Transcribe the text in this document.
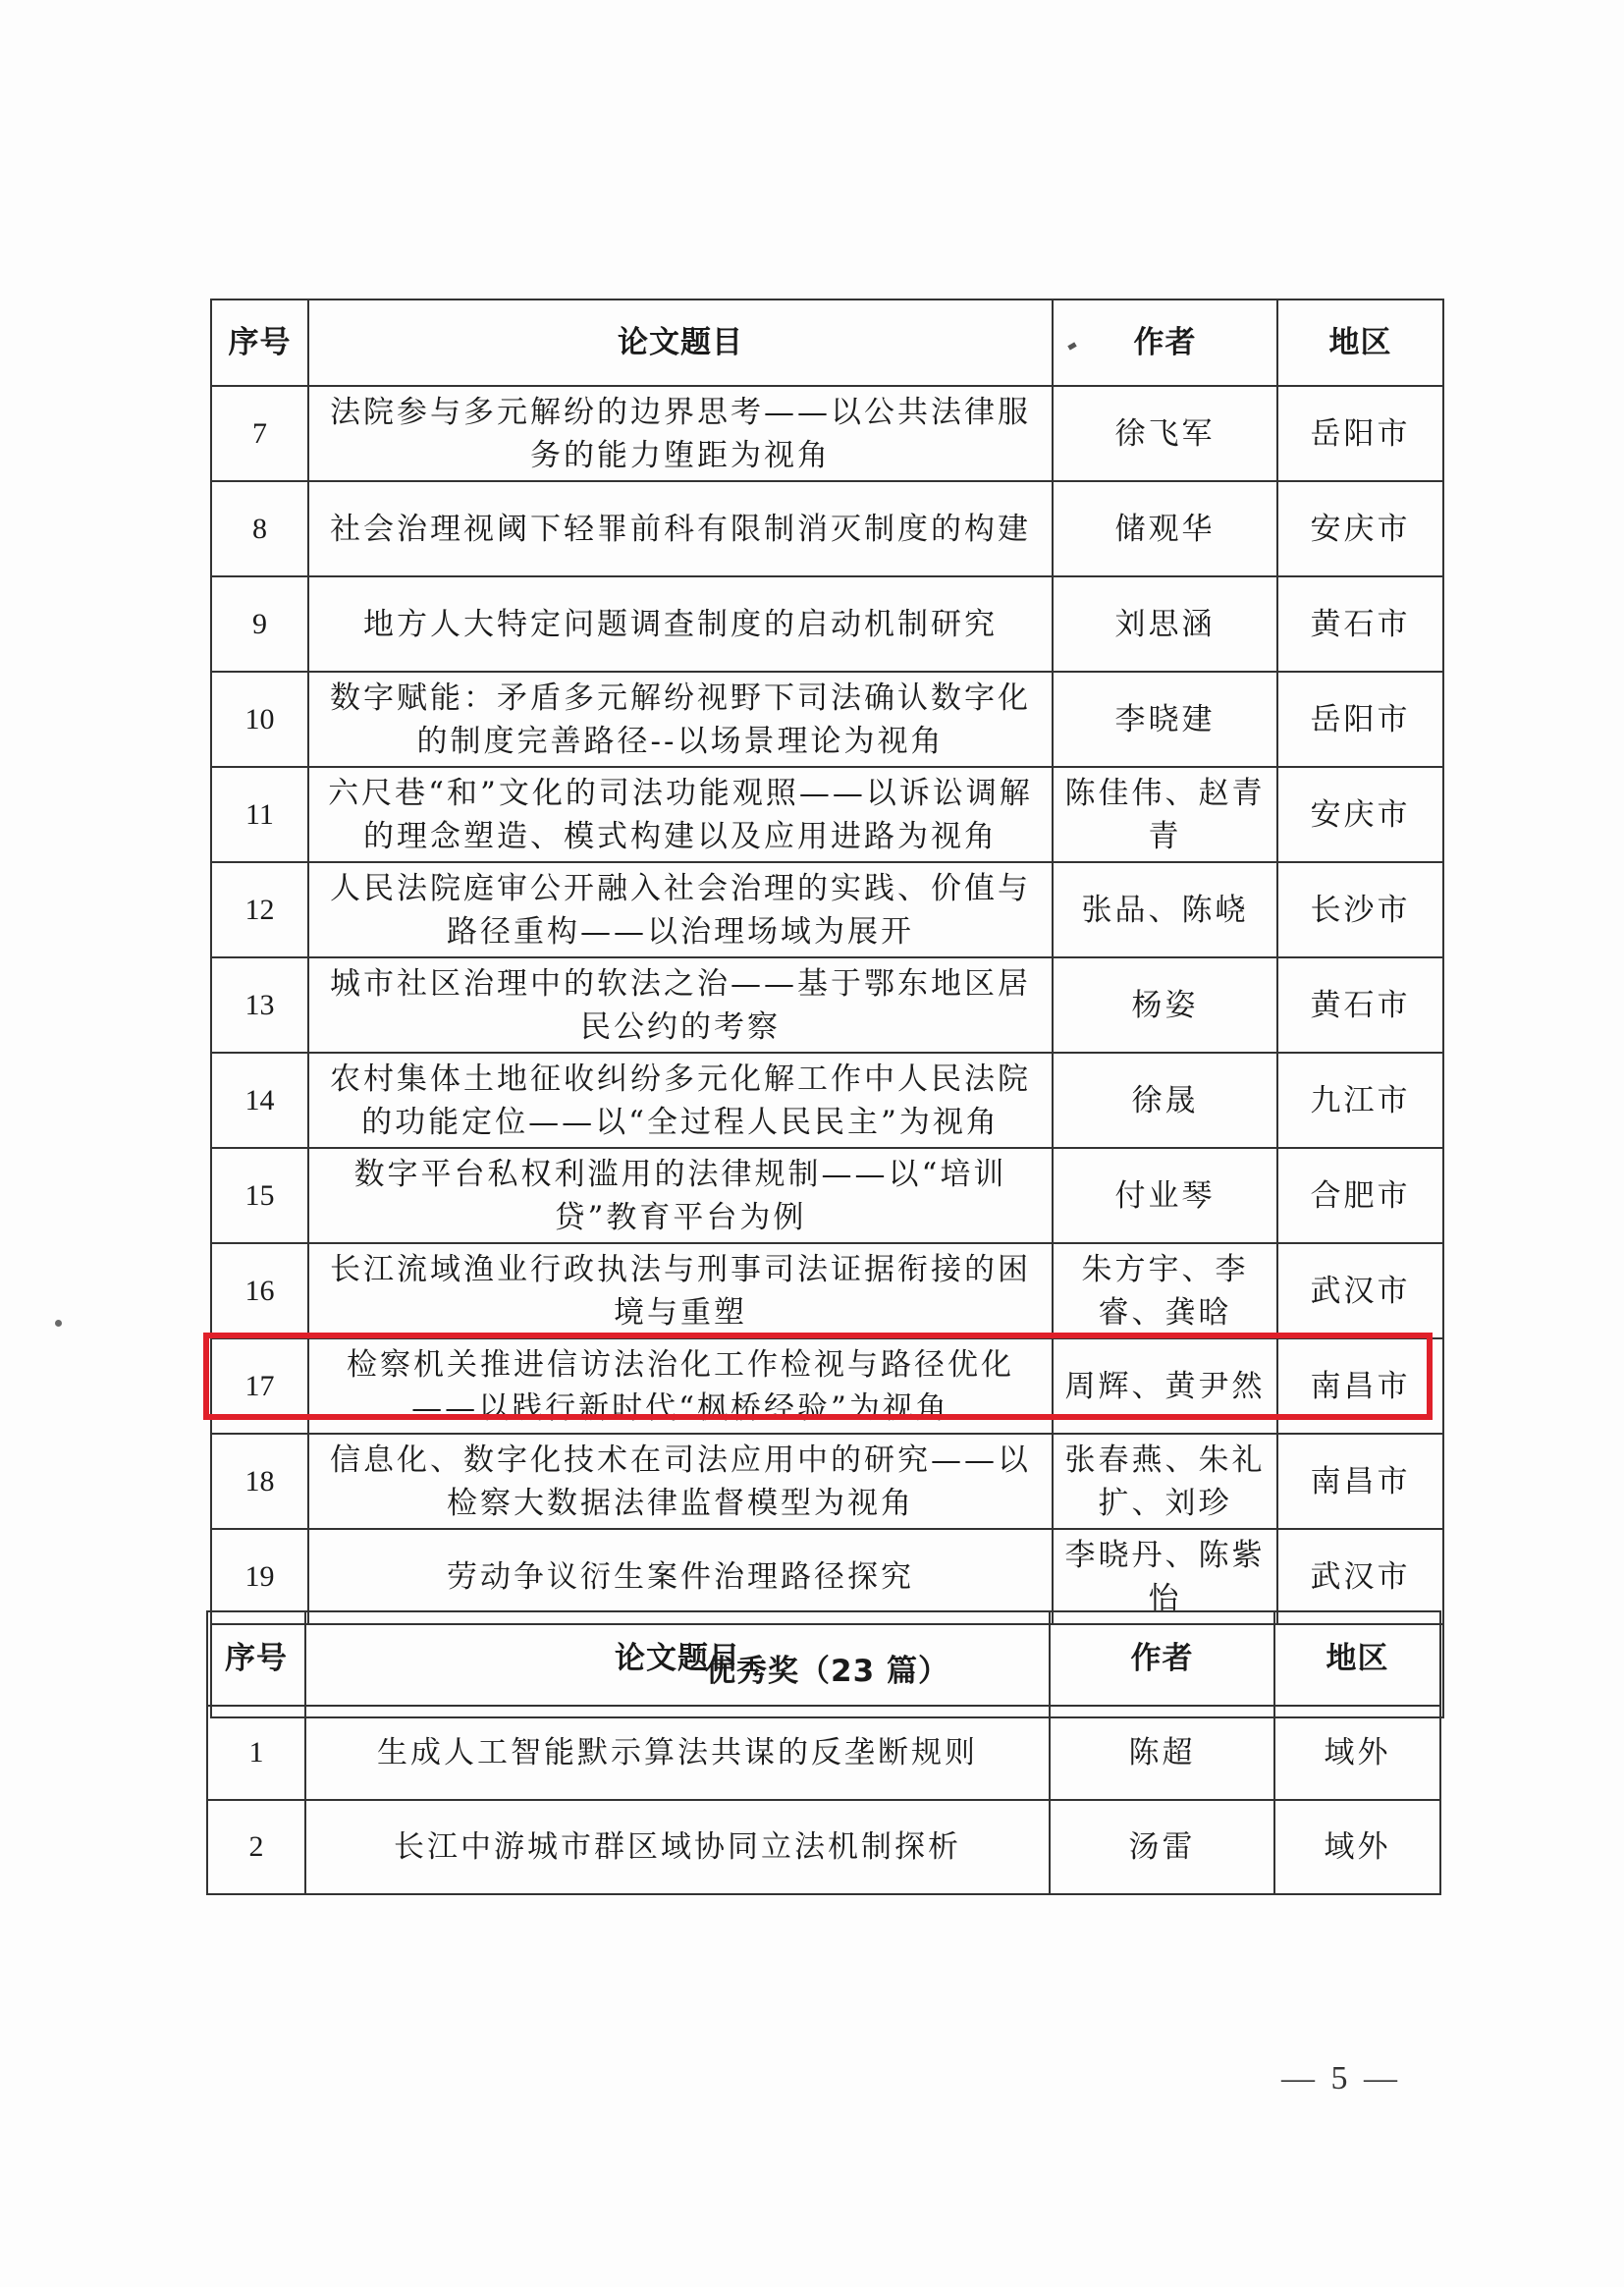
序号	论文题目	作者	地区
7	法院参与多元解纷的边界思考——以公共法律服务的能力堕距为视角	徐飞军	岳阳市
8	社会治理视阈下轻罪前科有限制消灭制度的构建	储观华	安庆市
9	地方人大特定问题调查制度的启动机制研究	刘思涵	黄石市
10	数字赋能：矛盾多元解纷视野下司法确认数字化的制度完善路径--以场景理论为视角	李晓建	岳阳市
11	六尺巷“和”文化的司法功能观照——以诉讼调解的理念塑造、模式构建以及应用进路为视角	陈佳伟、赵青青	安庆市
12	人民法院庭审公开融入社会治理的实践、价值与路径重构——以治理场域为展开	张品、陈峣	长沙市
13	城市社区治理中的软法之治——基于鄂东地区居民公约的考察	杨姿	黄石市
14	农村集体土地征收纠纷多元化解工作中人民法院的功能定位——以“全过程人民民主”为视角	徐晟	九江市
15	数字平台私权利滥用的法律规制——以“培训贷”教育平台为例	付业琴	合肥市
16	长江流域渔业行政执法与刑事司法证据衔接的困境与重塑	朱方宇、李睿、龚晗	武汉市
17	检察机关推进信访法治化工作检视与路径优化——以践行新时代“枫桥经验”为视角	周辉、黄尹然	南昌市
18	信息化、数字化技术在司法应用中的研究——以检察大数据法律监督模型为视角	张春燕、朱礼扩、刘珍	南昌市
19	劳动争议衍生案件治理路径探究	李晓丹、陈紫怡	武汉市
优秀奖（23 篇）			
序号	论文题目	作者	地区
1	生成人工智能默示算法共谋的反垄断规则	陈超	域外
2	长江中游城市群区域协同立法机制探析	汤雷	域外
— 5 —
